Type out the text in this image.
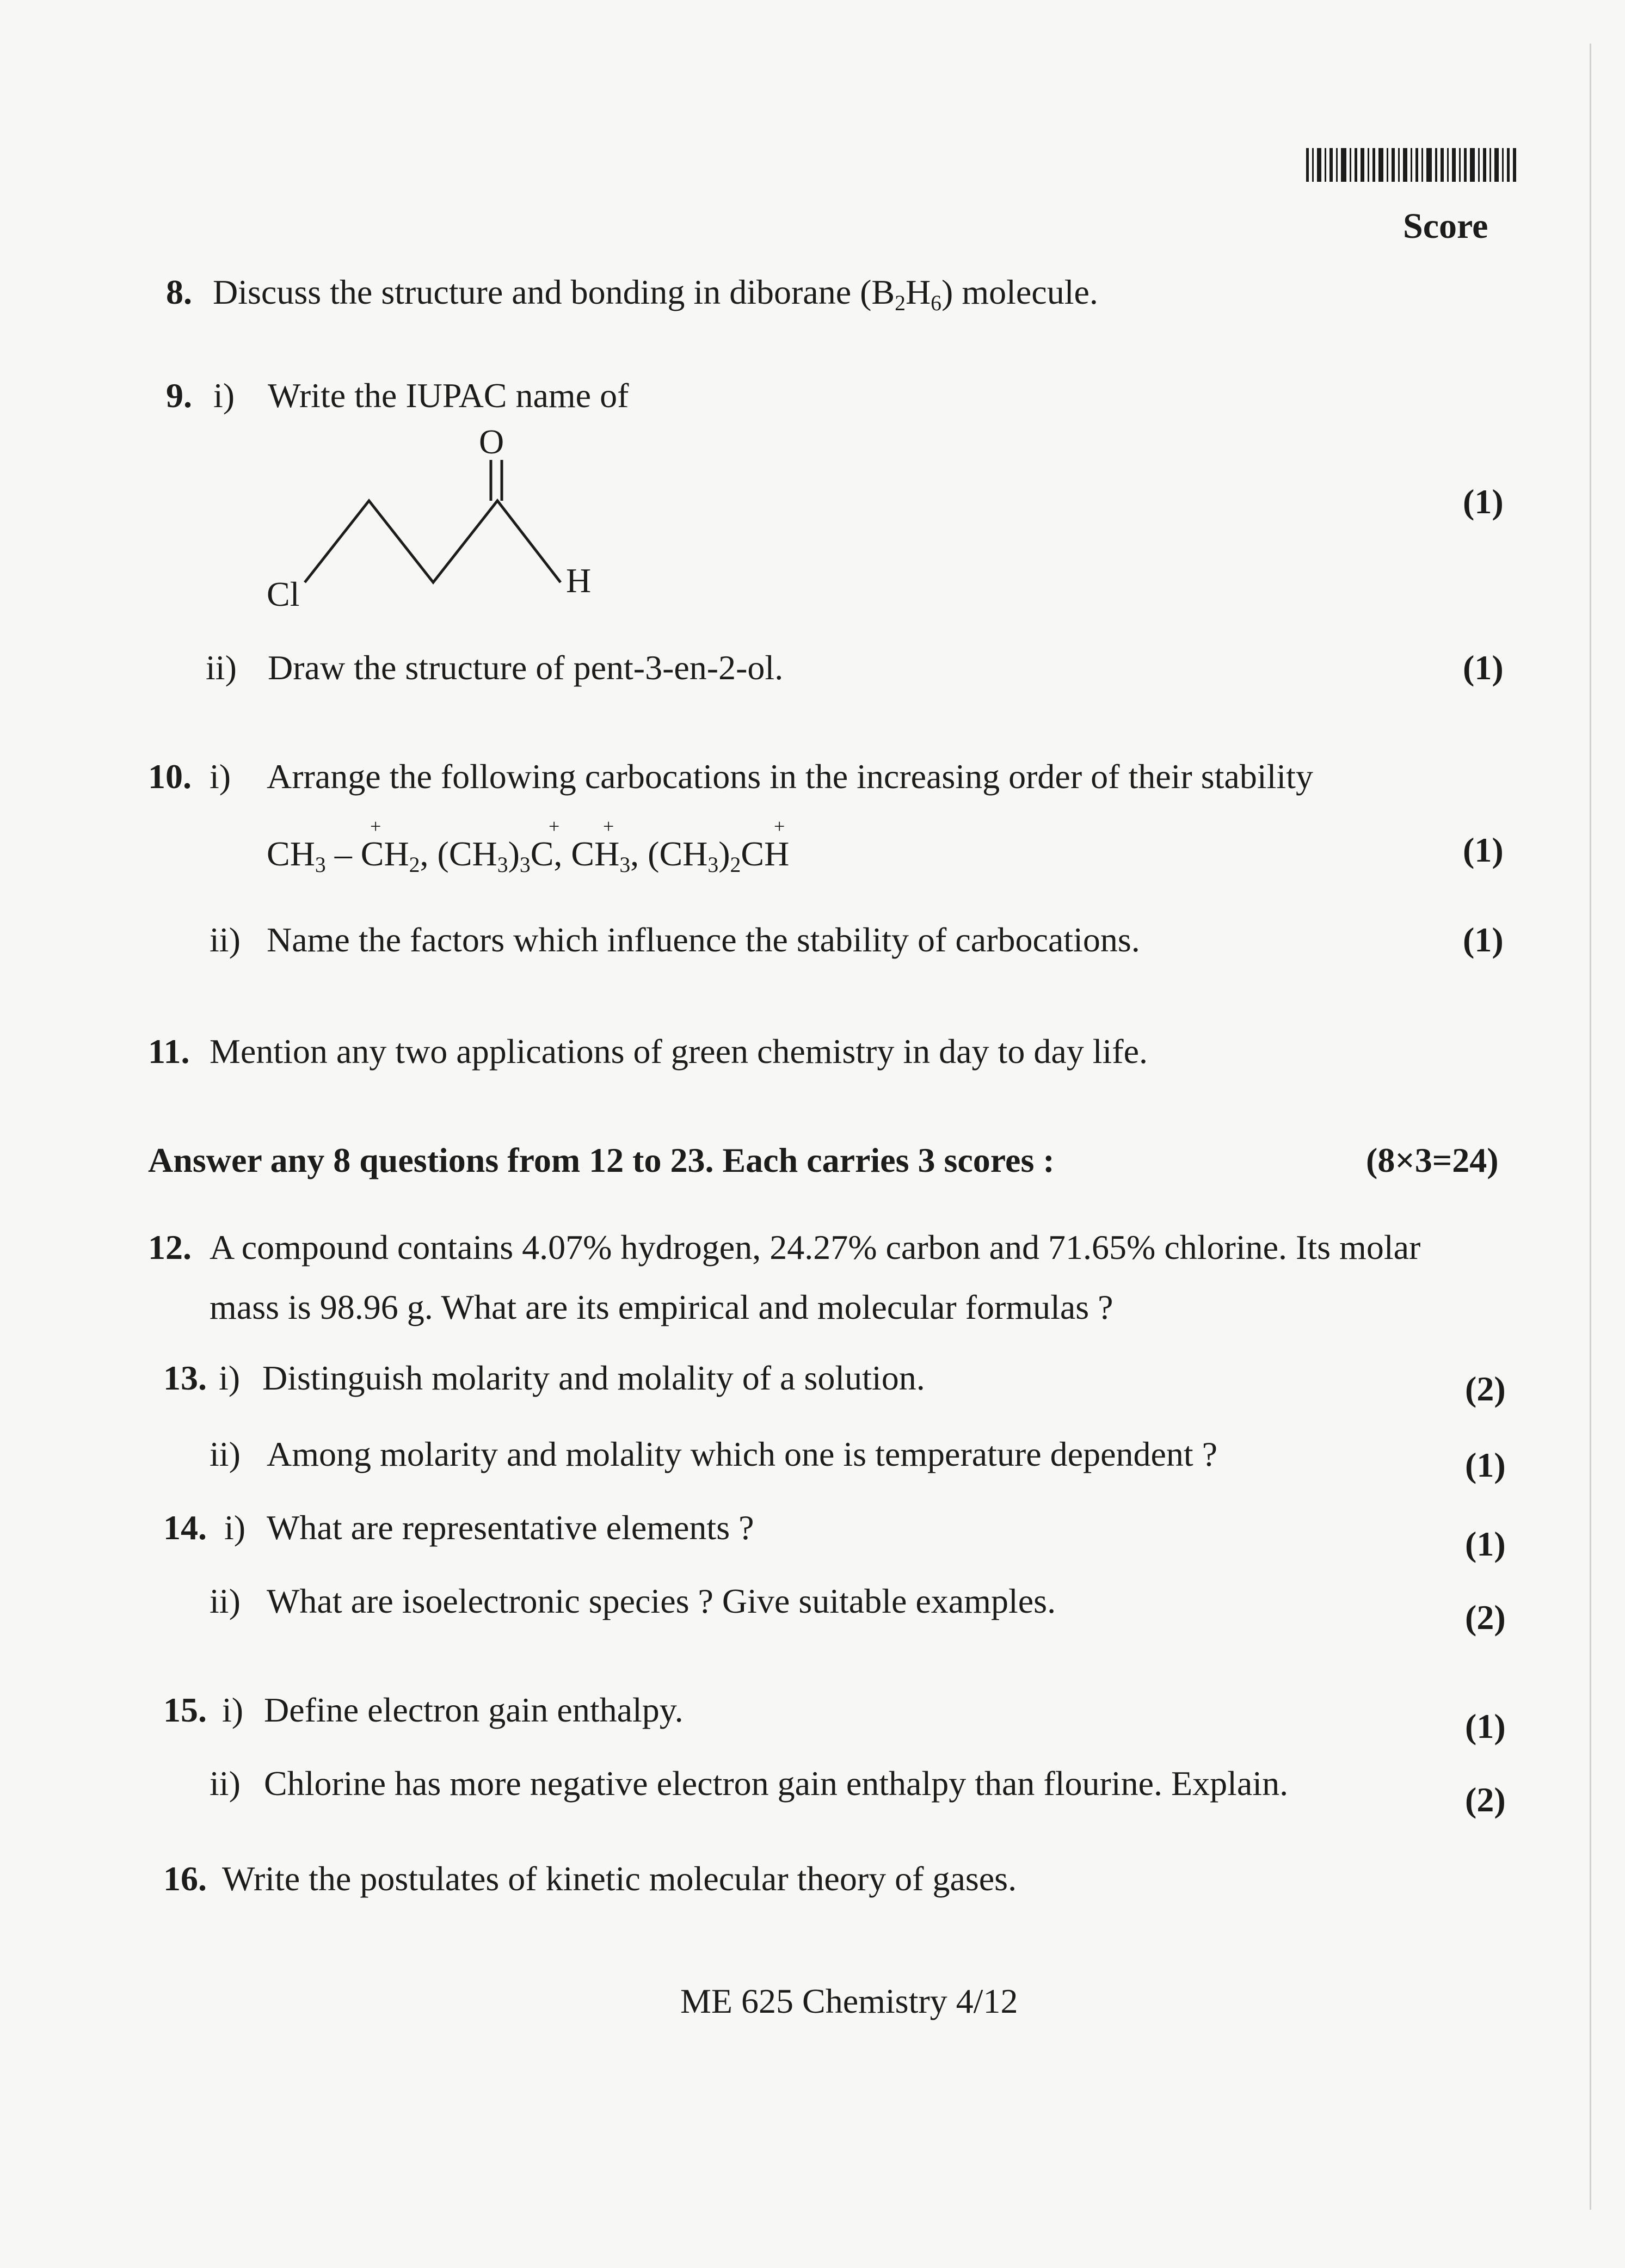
Score
8. Discuss the structure and bonding in diborane $(B_2H_6)$ molecule.
9. i) Write the IUPAC name of
O
Cl	H
(1)
ii) Draw the structure of pent-3-en-2-ol.	(1)
10. i) Arrange the following carbocations in the increasing order of their stability
$CH_3 - CH_2$, $(CH_3)_3C$, $CH_3$, $(CH_3)_2CH$
+	+ +	+
(1)
ii) Name the factors which influence the stability of carbocations.	(1)
11. Mention any two applications of green chemistry in day to day life.
Answer any 8 questions from 12 to 23. Each carries 3 scores :	(8×3=24)
12. A compound contains 4.07% hydrogen, 24.27% carbon and 71.65% chlorine. Its molar
mass is 98.96 g. What are its empirical and molecular formulas ?
13. i) Distinguish molarity and molality of a solution.	(2)
ii) Among molarity and molality which one is temperature dependent ?	(1)
14. i) What are representative elements ?	(1)
ii) What are isoelectronic species ? Give suitable examples.	(2)
15. i) Define electron gain enthalpy.	(1)
ii) Chlorine has more negative electron gain enthalpy than flourine. Explain.	(2)
16. Write the postulates of kinetic molecular theory of gases.
ME 625 Chemistry 4/12
